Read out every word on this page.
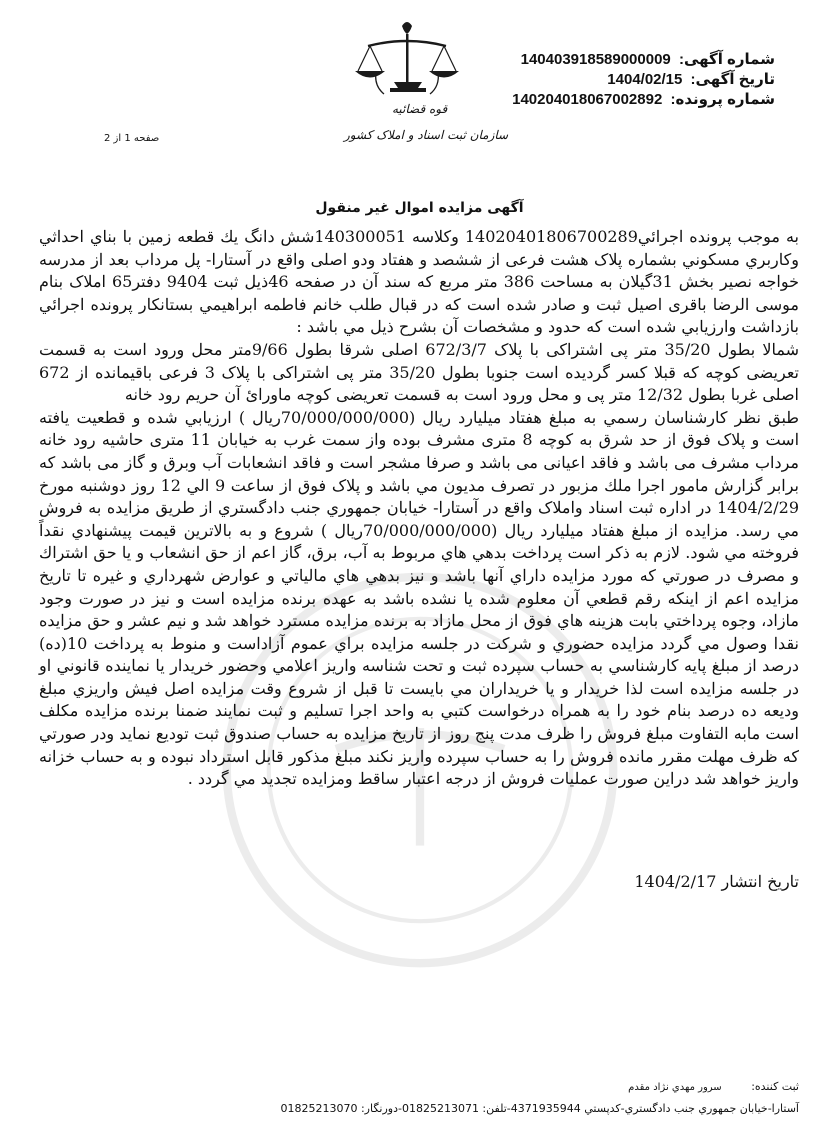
قوه قضائیه
سازمان ثبت اسناد و املاک کشور
شماره آگهی: 140403918589000009
تاریخ آگهی: 1404/02/15
شماره پرونده: 140204018067002892
صفحه 1 از 2
آگهی مزایده اموال غیر منقول

به موجب پرونده اجرائي14020401806700289 وكلاسه 140300051شش دانگ يك قطعه زمين با بناي احداثي وكاربري مسكوني بشماره پلاک هشت فرعی از ششصد و هفتاد ودو اصلی واقع در آستارا- پل مرداب بعد از مدرسه خواجه نصير بخش 31گيلان به مساحت 386 متر مربع كه سند آن در صفحه 46ذیل ثبت 9404 دفتر65 املاک بنام موسی الرضا باقری اصیل ثبت و صادر شده است كه در قبال طلب خانم فاطمه ابراهيمي بستانكار پرونده اجرائي بازداشت وارزيابي شده است كه حدود و مشخصات آن بشرح ذيل مي باشد :

شمالا بطول 35/20 متر پی اشتراکی با پلاک 672/3/7 اصلی شرقا بطول 9/66متر محل ورود است به قسمت تعریضی کوچه که قبلا کسر گردیده است جنوبا بطول 35/20 متر پی اشتراکی با پلاک 3 فرعی باقیمانده از 672 اصلی غربا بطول 12/32 متر پی و محل ورود است به قسمت تعریضی کوچه ماورائ آن حريم رود خانه

طبق نظر كارشناسان رسمي به مبلغ هفتاد ميليارد ريال (70/000/000/000ريال ) ارزيابي شده و قطعیت یافته است و پلاک فوق از حد شرق به کوچه 8 متری مشرف بوده واز سمت غرب به خیابان 11 متری حاشیه رود خانه مرداب مشرف می باشد و فاقد اعیانی می باشد و صرفا مشجر است و فاقد انشعابات آب وبرق و گاز می باشد که برابر گزارش مامور اجرا ملك مزبور در تصرف مديون مي باشد و پلاک فوق از ساعت 9 الي 12 روز دوشنبه مورخ 1404/2/29 در اداره ثبت اسناد واملاک واقع در آستارا- خيابان جمهوري جنب دادگستري از طريق مزايده به فروش مي رسد. مزايده از مبلغ هفتاد ميليارد ريال (70/000/000/000ريال ) شروع و به بالاترين قيمت پيشنهادي نقداً فروخته مي شود. لازم به ذكر است پرداخت بدهي هاي مربوط به آب، برق، گاز اعم از حق انشعاب و يا حق اشتراك و مصرف در صورتي كه مورد مزايده داراي آنها باشد و نيز بدهي هاي مالياتي و عوارض شهرداري و غيره تا تاريخ مزايده اعم از اينكه رقم قطعي آن معلوم شده يا نشده باشد به عهده برنده مزايده است و نيز در صورت وجود مازاد، وجوه پرداختي بابت هزينه هاي فوق از محل مازاد به برنده مزايده مسترد خواهد شد و نيم عشر و حق مزايده نقدا وصول مي گردد مزايده حضوري و شركت در جلسه مزايده براي عموم آزاداست و منوط به پرداخت 10(ده) درصد از مبلغ پايه كارشناسي به حساب سپرده ثبت و تحت شناسه واريز اعلامي وحضور خريدار يا نماينده قانوني او در جلسه مزايده است لذا خريدار و يا خريداران مي بايست تا قبل از شروع وقت مزايده اصل فيش واريزي مبلغ وديعه ده درصد بنام خود را به همراه درخواست كتبي به واحد اجرا تسليم و ثبت نمايند ضمنا برنده مزايده مكلف است مابه التفاوت مبلغ فروش را ظرف مدت پنج روز از تاريخ مزايده به حساب صندوق ثبت توديع نمايد ودر صورتي كه ظرف مهلت مقرر مانده فروش را به حساب سپرده واريز نكند مبلغ مذكور قابل استرداد نبوده و به حساب خزانه واريز خواهد شد دراين صورت عمليات فروش از درجه اعتبار ساقط ومزايده تجديد مي گردد .

تاريخ انتشار 1404/2/17
ثبت كننده: سرور مهدي نژاد مقدم
آستارا-خيابان جمهوري جنب دادگستري-كدپستي 4371935944-تلفن: 01825213071-دورنگار: 01825213070
